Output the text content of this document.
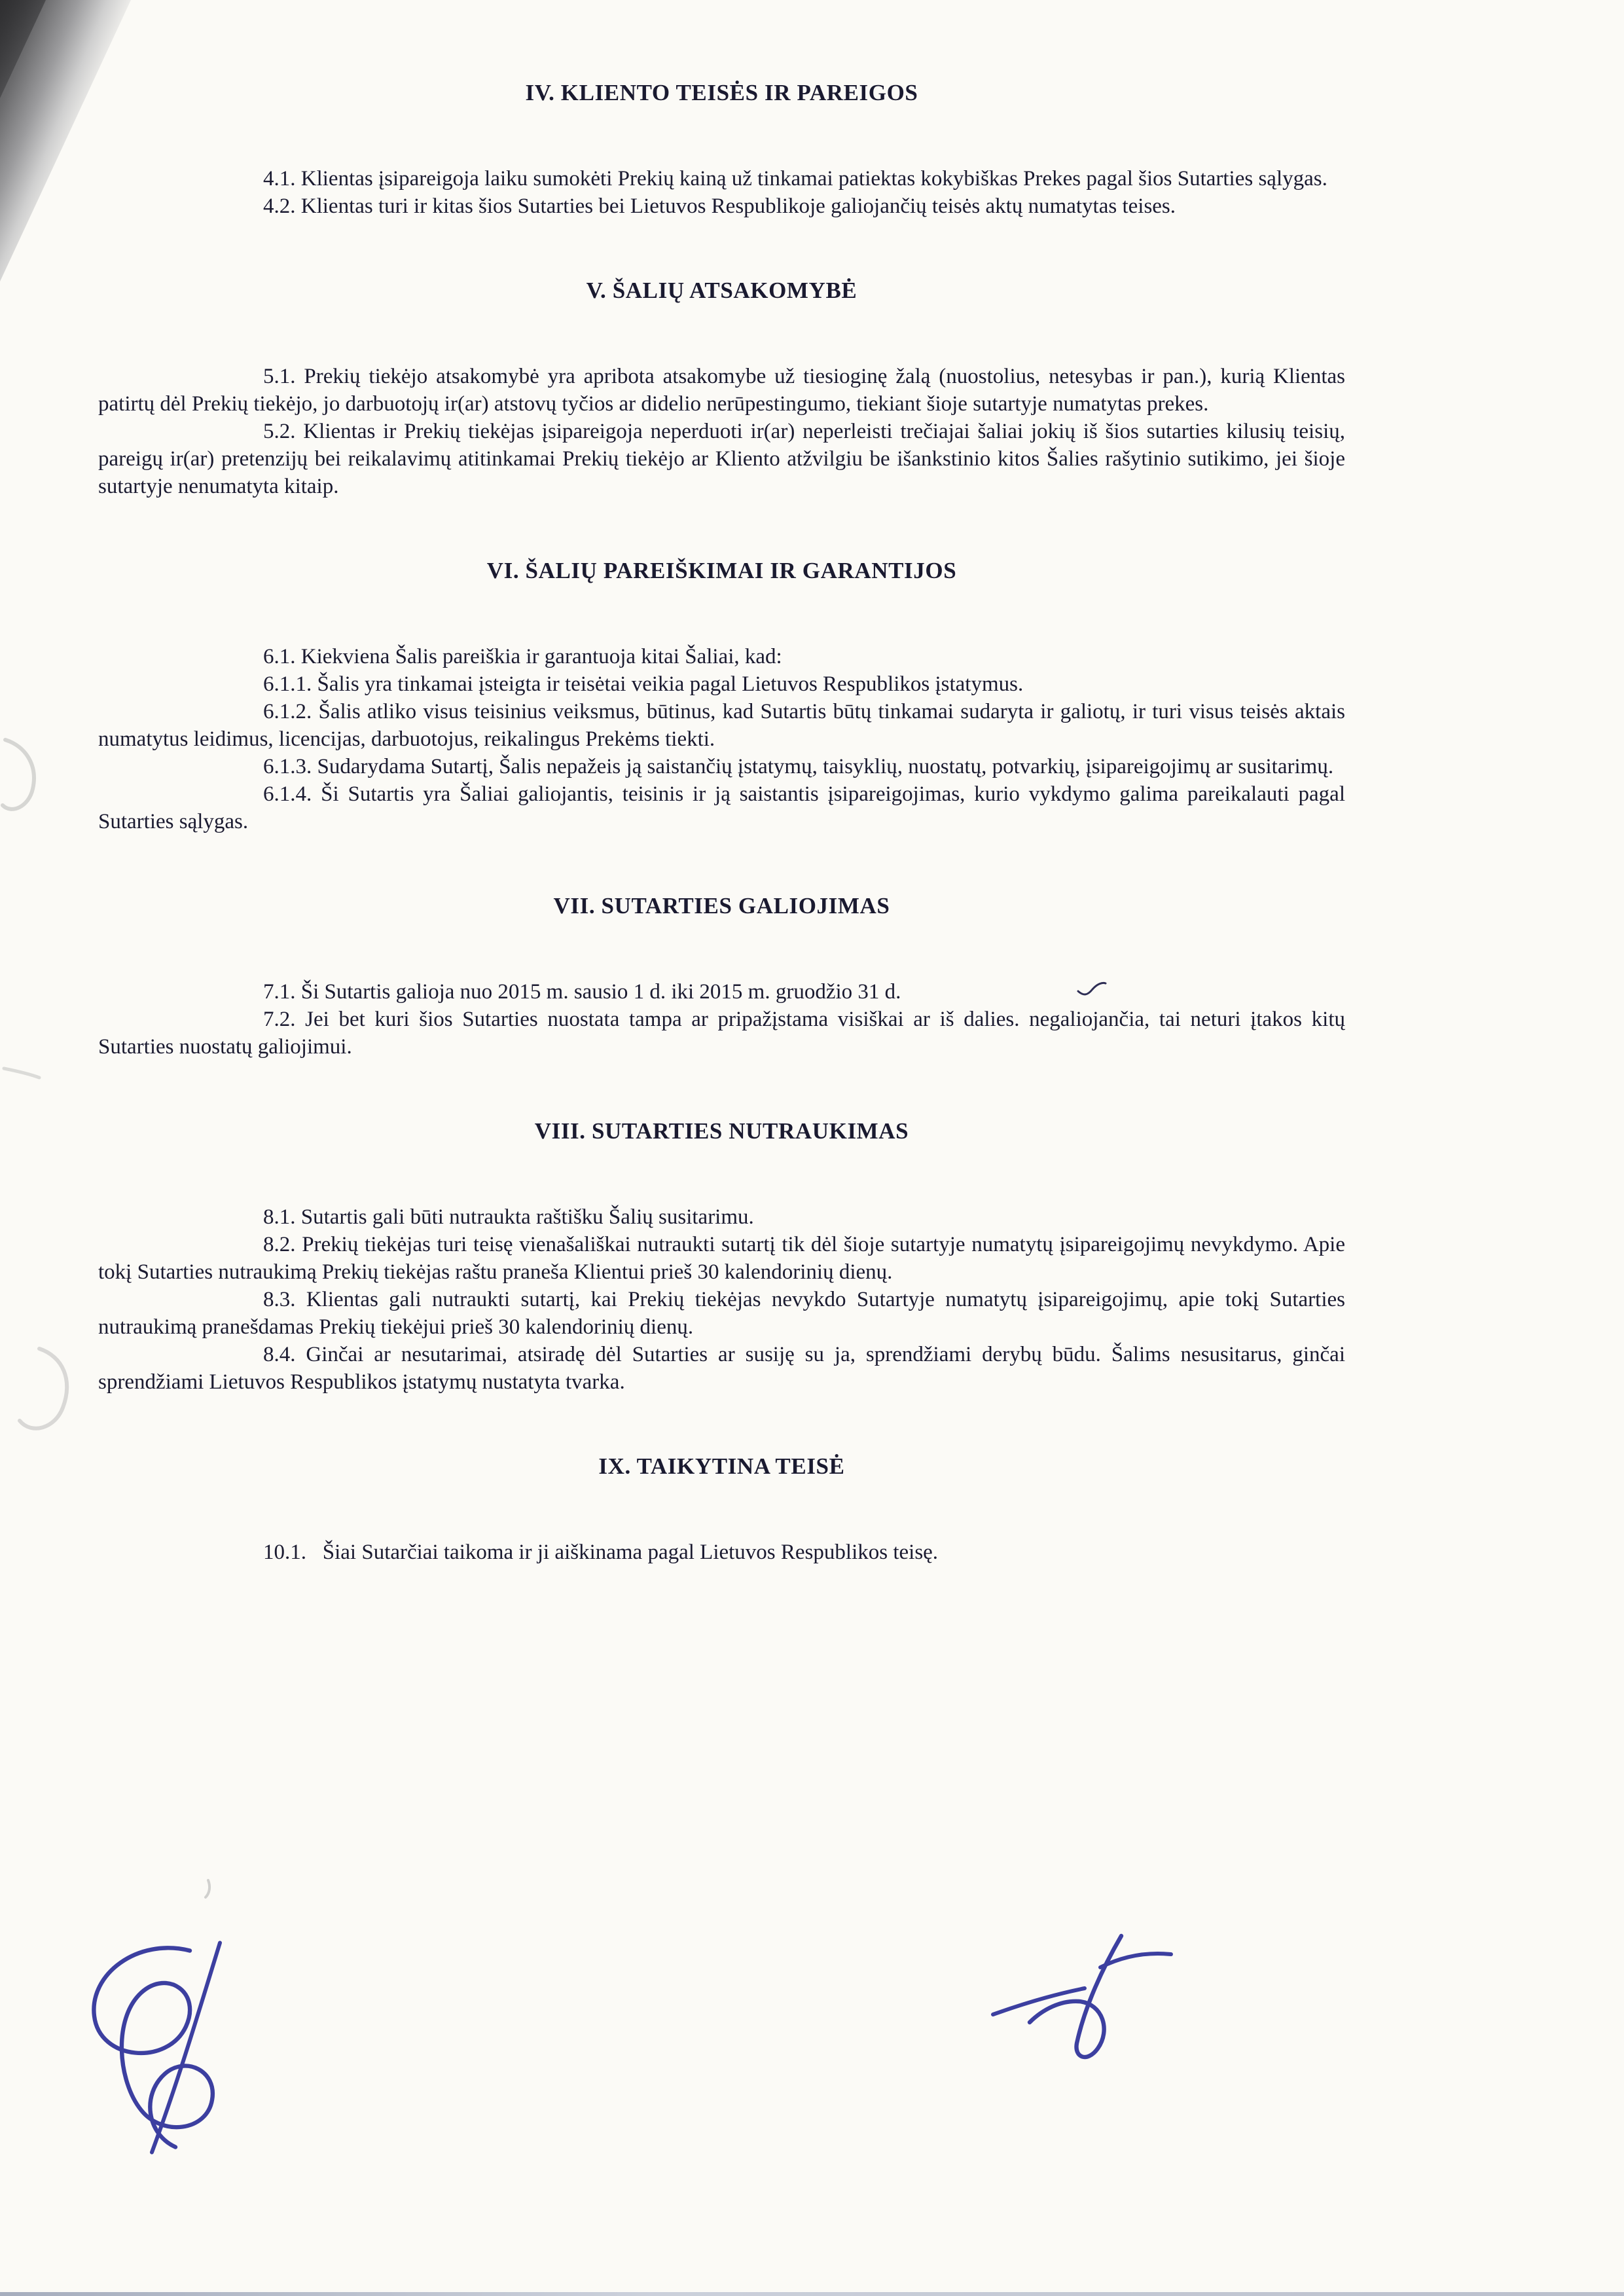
IV. KLIENTO TEISĖS IR PAREIGOS

4.1. Klientas įsipareigoja laiku sumokėti Prekių kainą už tinkamai patiektas kokybiškas Prekes pagal šios Sutarties sąlygas.

4.2. Klientas turi ir kitas šios Sutarties bei Lietuvos Respublikoje galiojančių teisės aktų numatytas teises.

V. ŠALIŲ ATSAKOMYBĖ

5.1. Prekių tiekėjo atsakomybė yra apribota atsakomybe už tiesioginę žalą (nuostolius, netesybas ir pan.), kurią Klientas patirtų dėl Prekių tiekėjo, jo darbuotojų ir(ar) atstovų tyčios ar didelio nerūpestingumo, tiekiant šioje sutartyje numatytas prekes.

5.2. Klientas ir Prekių tiekėjas įsipareigoja neperduoti ir(ar) neperleisti trečiajai šaliai jokių iš šios sutarties kilusių teisių, pareigų ir(ar) pretenzijų bei reikalavimų atitinkamai Prekių tiekėjo ar Kliento atžvilgiu be išankstinio kitos Šalies rašytinio sutikimo, jei šioje sutartyje nenumatyta kitaip.

VI. ŠALIŲ PAREIŠKIMAI IR GARANTIJOS

6.1. Kiekviena Šalis pareiškia ir garantuoja kitai Šaliai, kad:

6.1.1. Šalis yra tinkamai įsteigta ir teisėtai veikia pagal Lietuvos Respublikos įstatymus.

6.1.2. Šalis atliko visus teisinius veiksmus, būtinus, kad Sutartis būtų tinkamai sudaryta ir galiotų, ir turi visus teisės aktais numatytus leidimus, licencijas, darbuotojus, reikalingus Prekėms tiekti.

6.1.3. Sudarydama Sutartį, Šalis nepažeis ją saistančių įstatymų, taisyklių, nuostatų, potvarkių, įsipareigojimų ar susitarimų.

6.1.4. Ši Sutartis yra Šaliai galiojantis, teisinis ir ją saistantis įsipareigojimas, kurio vykdymo galima pareikalauti pagal Sutarties sąlygas.

VII. SUTARTIES GALIOJIMAS

7.1. Ši Sutartis galioja nuo 2015 m. sausio 1 d. iki 2015 m. gruodžio 31 d.

7.2. Jei bet kuri šios Sutarties nuostata tampa ar pripažįstama visiškai ar iš dalies. negaliojančia, tai neturi įtakos kitų Sutarties nuostatų galiojimui.

VIII. SUTARTIES NUTRAUKIMAS

8.1. Sutartis gali būti nutraukta raštišku Šalių susitarimu.

8.2. Prekių tiekėjas turi teisę vienašališkai nutraukti sutartį tik dėl šioje sutartyje numatytų įsipareigojimų nevykdymo. Apie tokį Sutarties nutraukimą Prekių tiekėjas raštu praneša Klientui prieš 30 kalendorinių dienų.

8.3. Klientas gali nutraukti sutartį, kai Prekių tiekėjas nevykdo Sutartyje numatytų įsipareigojimų, apie tokį Sutarties nutraukimą pranešdamas Prekių tiekėjui prieš 30 kalendorinių dienų.

8.4. Ginčai ar nesutarimai, atsiradę dėl Sutarties ar susiję su ja, sprendžiami derybų būdu. Šalims nesusitarus, ginčai sprendžiami Lietuvos Respublikos įstatymų nustatyta tvarka.

IX. TAIKYTINA TEISĖ

10.1.   Šiai Sutarčiai taikoma ir ji aiškinama pagal Lietuvos Respublikos teisę.
